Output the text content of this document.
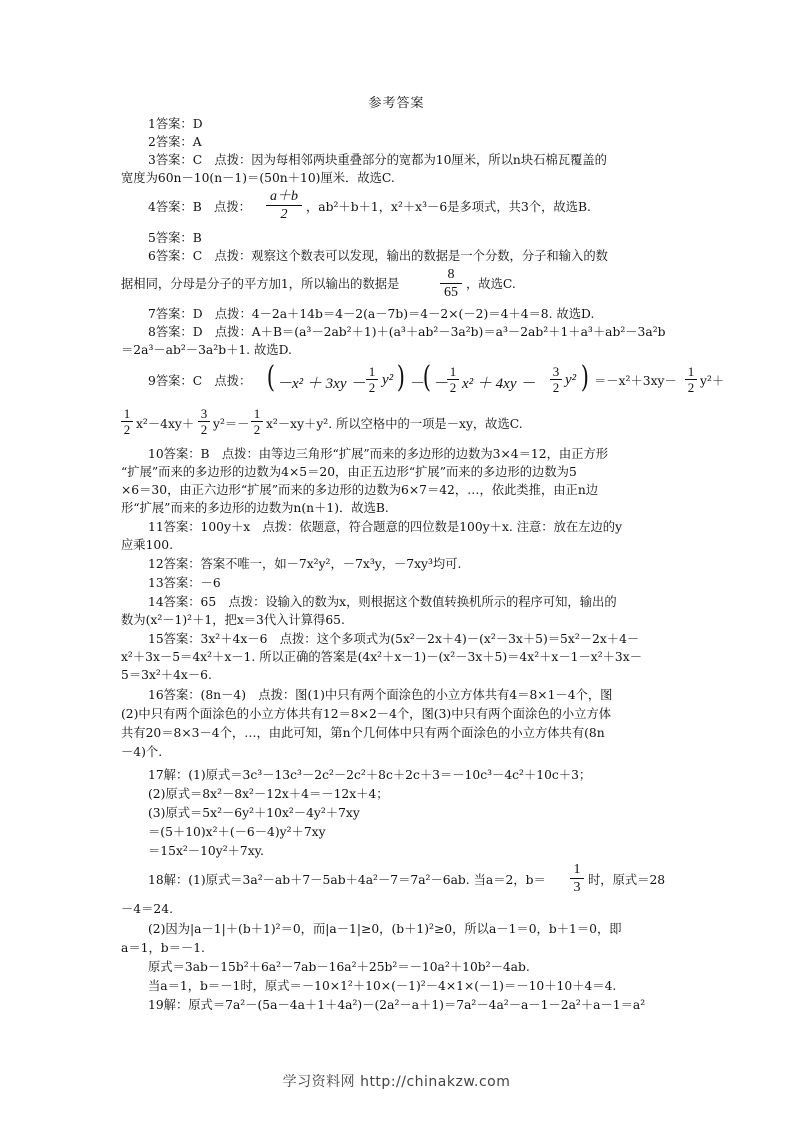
参考答案
1答案：D
2答案：A
3答案：C　点拨：因为每相邻两块重叠部分的宽都为10厘米，所以n块石棉瓦覆盖的
宽度为60n－10(n－1)＝(50n＋10)厘米．故选C.
4答案：B　点拨： $\frac{a+b}{2}$ ，ab²＋b＋1，x²＋x³－6是多项式，共3个，故选B.
5答案：B
6答案：C　点拨：观察这个数表可以发现，输出的数据是一个分数，分子和输入的数
据相同，分母是分子的平方加1，所以输出的数据是	$\frac{8}{65}$ ，故选C.
7答案：D　点拨：4－2a＋14b＝4－2(a－7b)＝4－2×(－2)＝4＋4＝8. 故选D.
8答案：D　点拨：A＋B＝(a³－2ab²＋1)＋(a³＋ab²－3a²b)＝a³－2ab²＋1＋a³＋ab²－3a²b
＝2a³－ab²－3a²b＋1. 故选D.
9答案：C　点拨： ( $-x^2 + 3xy - \frac{1}{2} y^2$ ) －
( －
$\frac{1}{2} x^2 + 4xy - \frac{3}{2} y^2$ ) $=-x^2+3xy- \frac{1}{2} y^2+$
$\frac{1}{2} x^2-4xy+ \frac{3}{2} y^2=- \frac{1}{2} x^2-xy+y^2$. 所以空格中的一项是－xy，故选C.
10答案：B　点拨：由等边三角形“扩展”而来的多边形的边数为3×4＝12，由正方形
“扩展”而来的多边形的边数为4×5＝20，由正五边形“扩展”而来的多边形的边数为5
×6＝30，由正六边形“扩展”而来的多边形的边数为6×7＝42，…，依此类推，由正n边
形“扩展”而来的多边形的边数为n(n＋1)．故选B.
11答案：100y＋x　点拨：依题意，符合题意的四位数是100y＋x. 注意：放在左边的y
应乘100.
12答案：答案不唯一，如－7x²y²，－7x³y，－7xy³均可.
13答案：－6
14答案：65　点拨：设输入的数为x，则根据这个数值转换机所示的程序可知，输出的
数为(x²－1)²＋1，把x＝3代入计算得65.
15答案：3x²＋4x－6　点拨：这个多项式为(5x²－2x＋4)－(x²－3x＋5)＝5x²－2x＋4－
x²＋3x－5＝4x²＋x－1. 所以正确的答案是(4x²＋x－1)－(x²－3x＋5)＝4x²＋x－1－x²＋3x－
5＝3x²＋4x－6.
16答案：(8n－4)　点拨：图(1)中只有两个面涂色的小立方体共有4＝8×1－4个，图
(2)中只有两个面涂色的小立方体共有12＝8×2－4个，图(3)中只有两个面涂色的小立方体
共有20＝8×3－4个，…，由此可知，第n个几何体中只有两个面涂色的小立方体共有(8n
－4)个.
17解：(1)原式＝3c³－13c³－2c²－2c²＋8c＋2c＋3＝－10c³－4c²＋10c＋3；
(2)原式＝8x²－8x²－12x＋4＝－12x＋4；
(3)原式＝5x²－6y²＋10x²－4y²＋7xy
＝(5＋10)x²＋(－6－4)y²＋7xy
＝15x²－10y²＋7xy.
18解：(1)原式＝3a²－ab＋7－5ab＋4a²－7＝7a²－6ab. 当a＝2，$b= \frac{1}{3}$ 时，原式＝28
－4＝24.
(2)因为|a－1|＋(b＋1)²＝0，而|a－1|≥0，(b＋1)²≥0，所以a－1＝0，b＋1＝0，即
a＝1，b＝－1.
原式＝3ab－15b²＋6a²－7ab－16a²＋25b²＝－10a²＋10b²－4ab.
当a＝1，b＝－1时，原式＝－10×1²＋10×(－1)²－4×1×(－1)＝－10＋10＋4＝4.
19解：原式＝7a²－(5a－4a＋1＋4a²)－(2a²－a＋1)＝7a²－4a²－a－1－2a²＋a－1＝a²
学习资料网 http://chinakzw.com
